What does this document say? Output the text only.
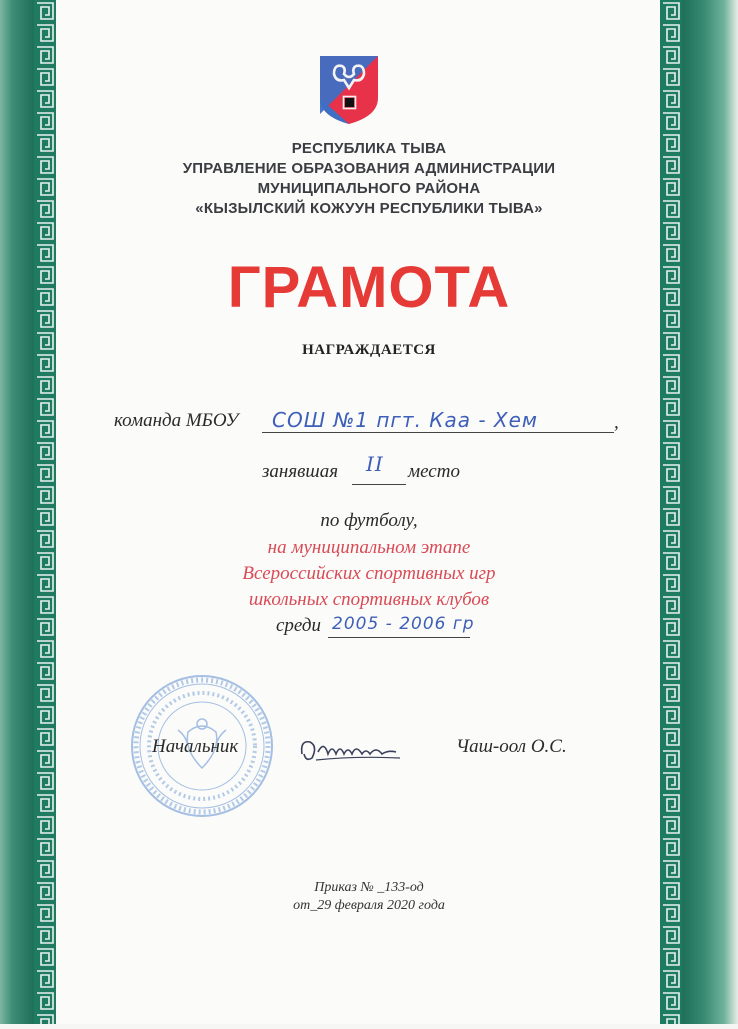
РЕСПУБЛИКА ТЫВА
УПРАВЛЕНИЕ ОБРАЗОВАНИЯ АДМИНИСТРАЦИИ
МУНИЦИПАЛЬНОГО РАЙОНА
«КЫЗЫЛСКИЙ КОЖУУН РЕСПУБЛИКИ ТЫВА»
ГРАМОТА
НАГРАЖДАЕТСЯ
команда МБОУ СОШ №1 пгт. Каа - Хем	,
занявшая II место
по футболу,
на муниципальном этапе
Всероссийских спортивных игр
школьных спортивных клубов
среди 2005 - 2006 гр
Начальник	Чаш-оол О.С.
Приказ № _133-од
от_29 февраля 2020 года
